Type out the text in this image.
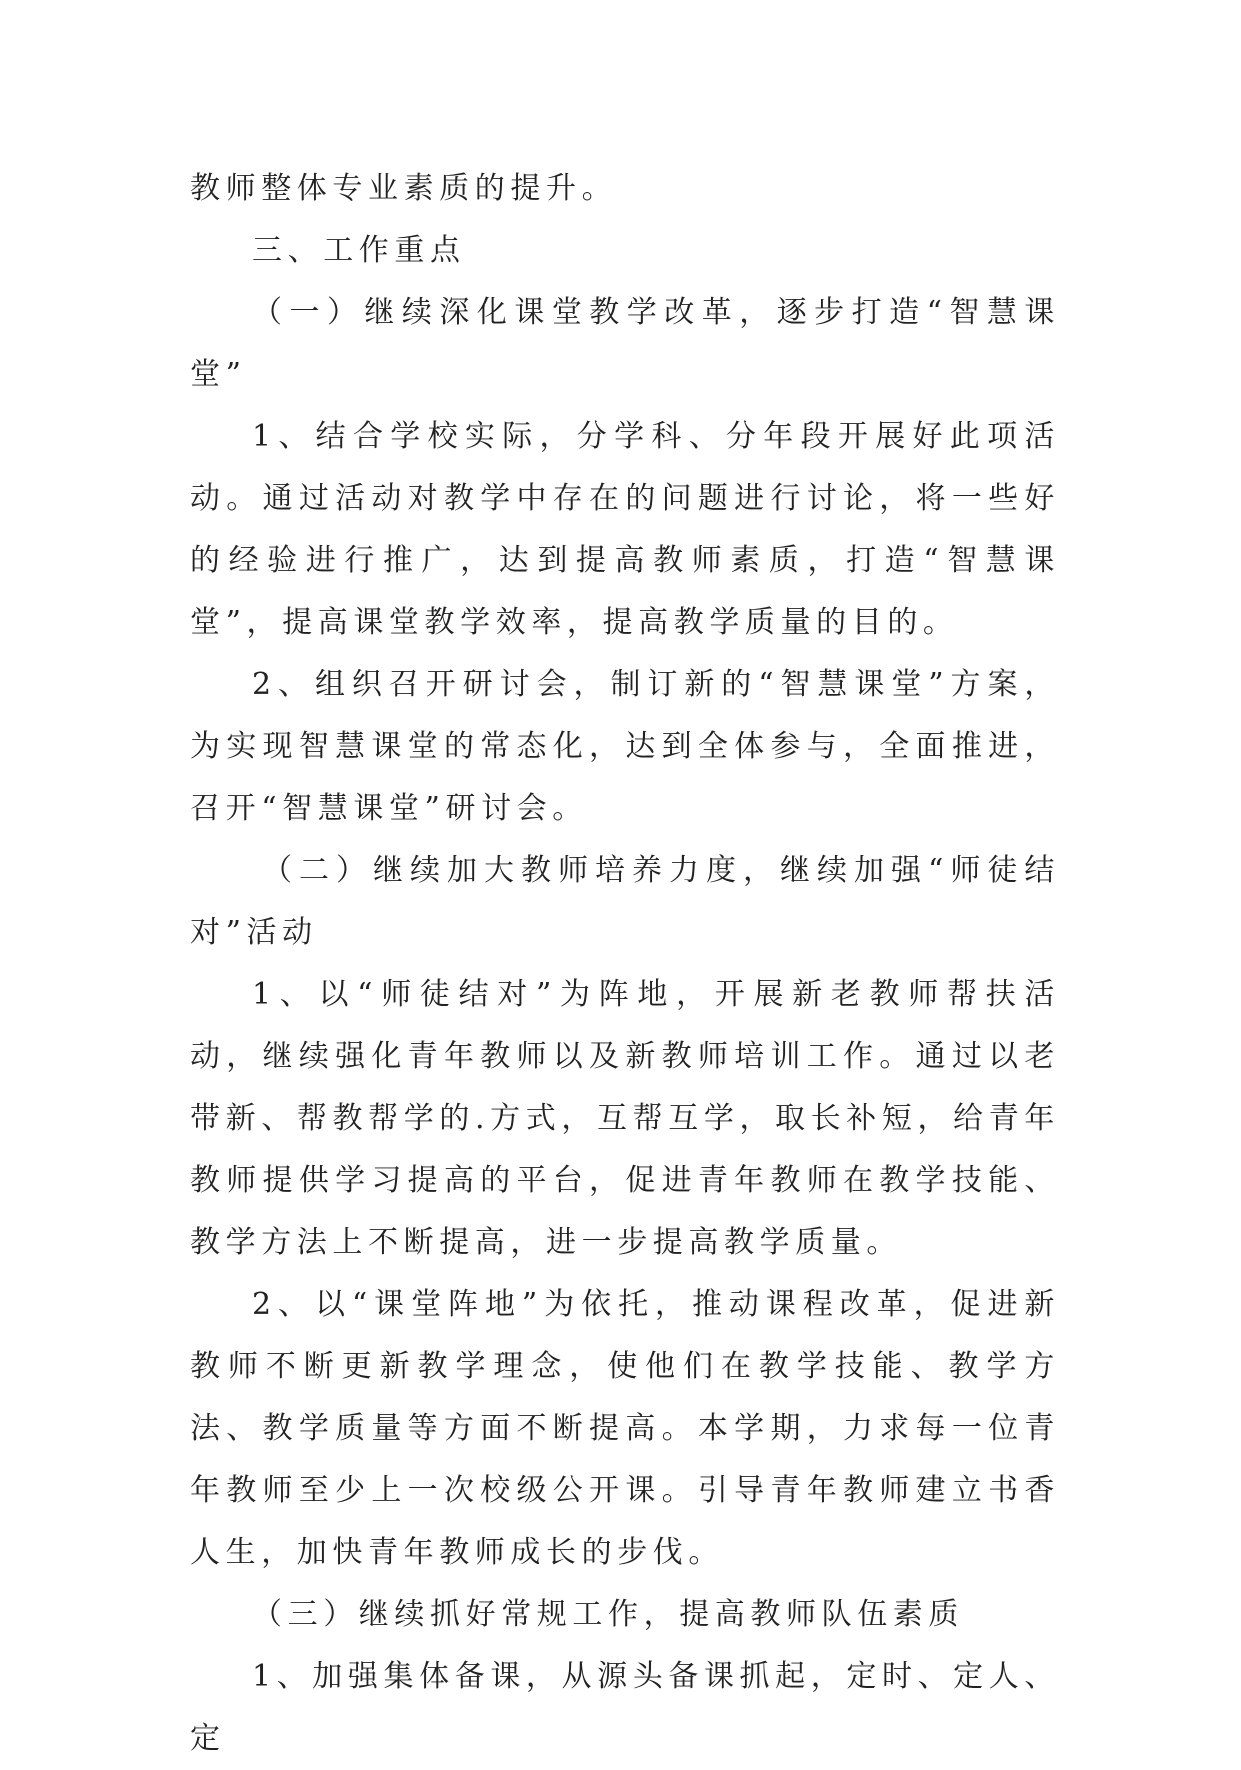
教师整体专业素质的提升。

三、工作重点

（一）继续深化课堂教学改革，逐步打造“智慧课堂”

1、结合学校实际，分学科、分年段开展好此项活动。通过活动对教学中存在的问题进行讨论，将一些好的经验进行推广，达到提高教师素质，打造“智慧课堂”，提高课堂教学效率，提高教学质量的目的。

2、组织召开研讨会，制订新的“智慧课堂”方案，为实现智慧课堂的常态化，达到全体参与，全面推进，召开“智慧课堂”研讨会。

（二）继续加大教师培养力度，继续加强“师徒结对”活动

1、以“师徒结对”为阵地，开展新老教师帮扶活动，继续强化青年教师以及新教师培训工作。通过以老带新、帮教帮学的.方式，互帮互学，取长补短，给青年教师提供学习提高的平台，促进青年教师在教学技能、教学方法上不断提高，进一步提高教学质量。

2、以“课堂阵地”为依托，推动课程改革，促进新教师不断更新教学理念，使他们在教学技能、教学方法、教学质量等方面不断提高。本学期，力求每一位青年教师至少上一次校级公开课。引导青年教师建立书香人生，加快青年教师成长的步伐。

（三）继续抓好常规工作，提高教师队伍素质

1、加强集体备课，从源头备课抓起，定时、定人、定
